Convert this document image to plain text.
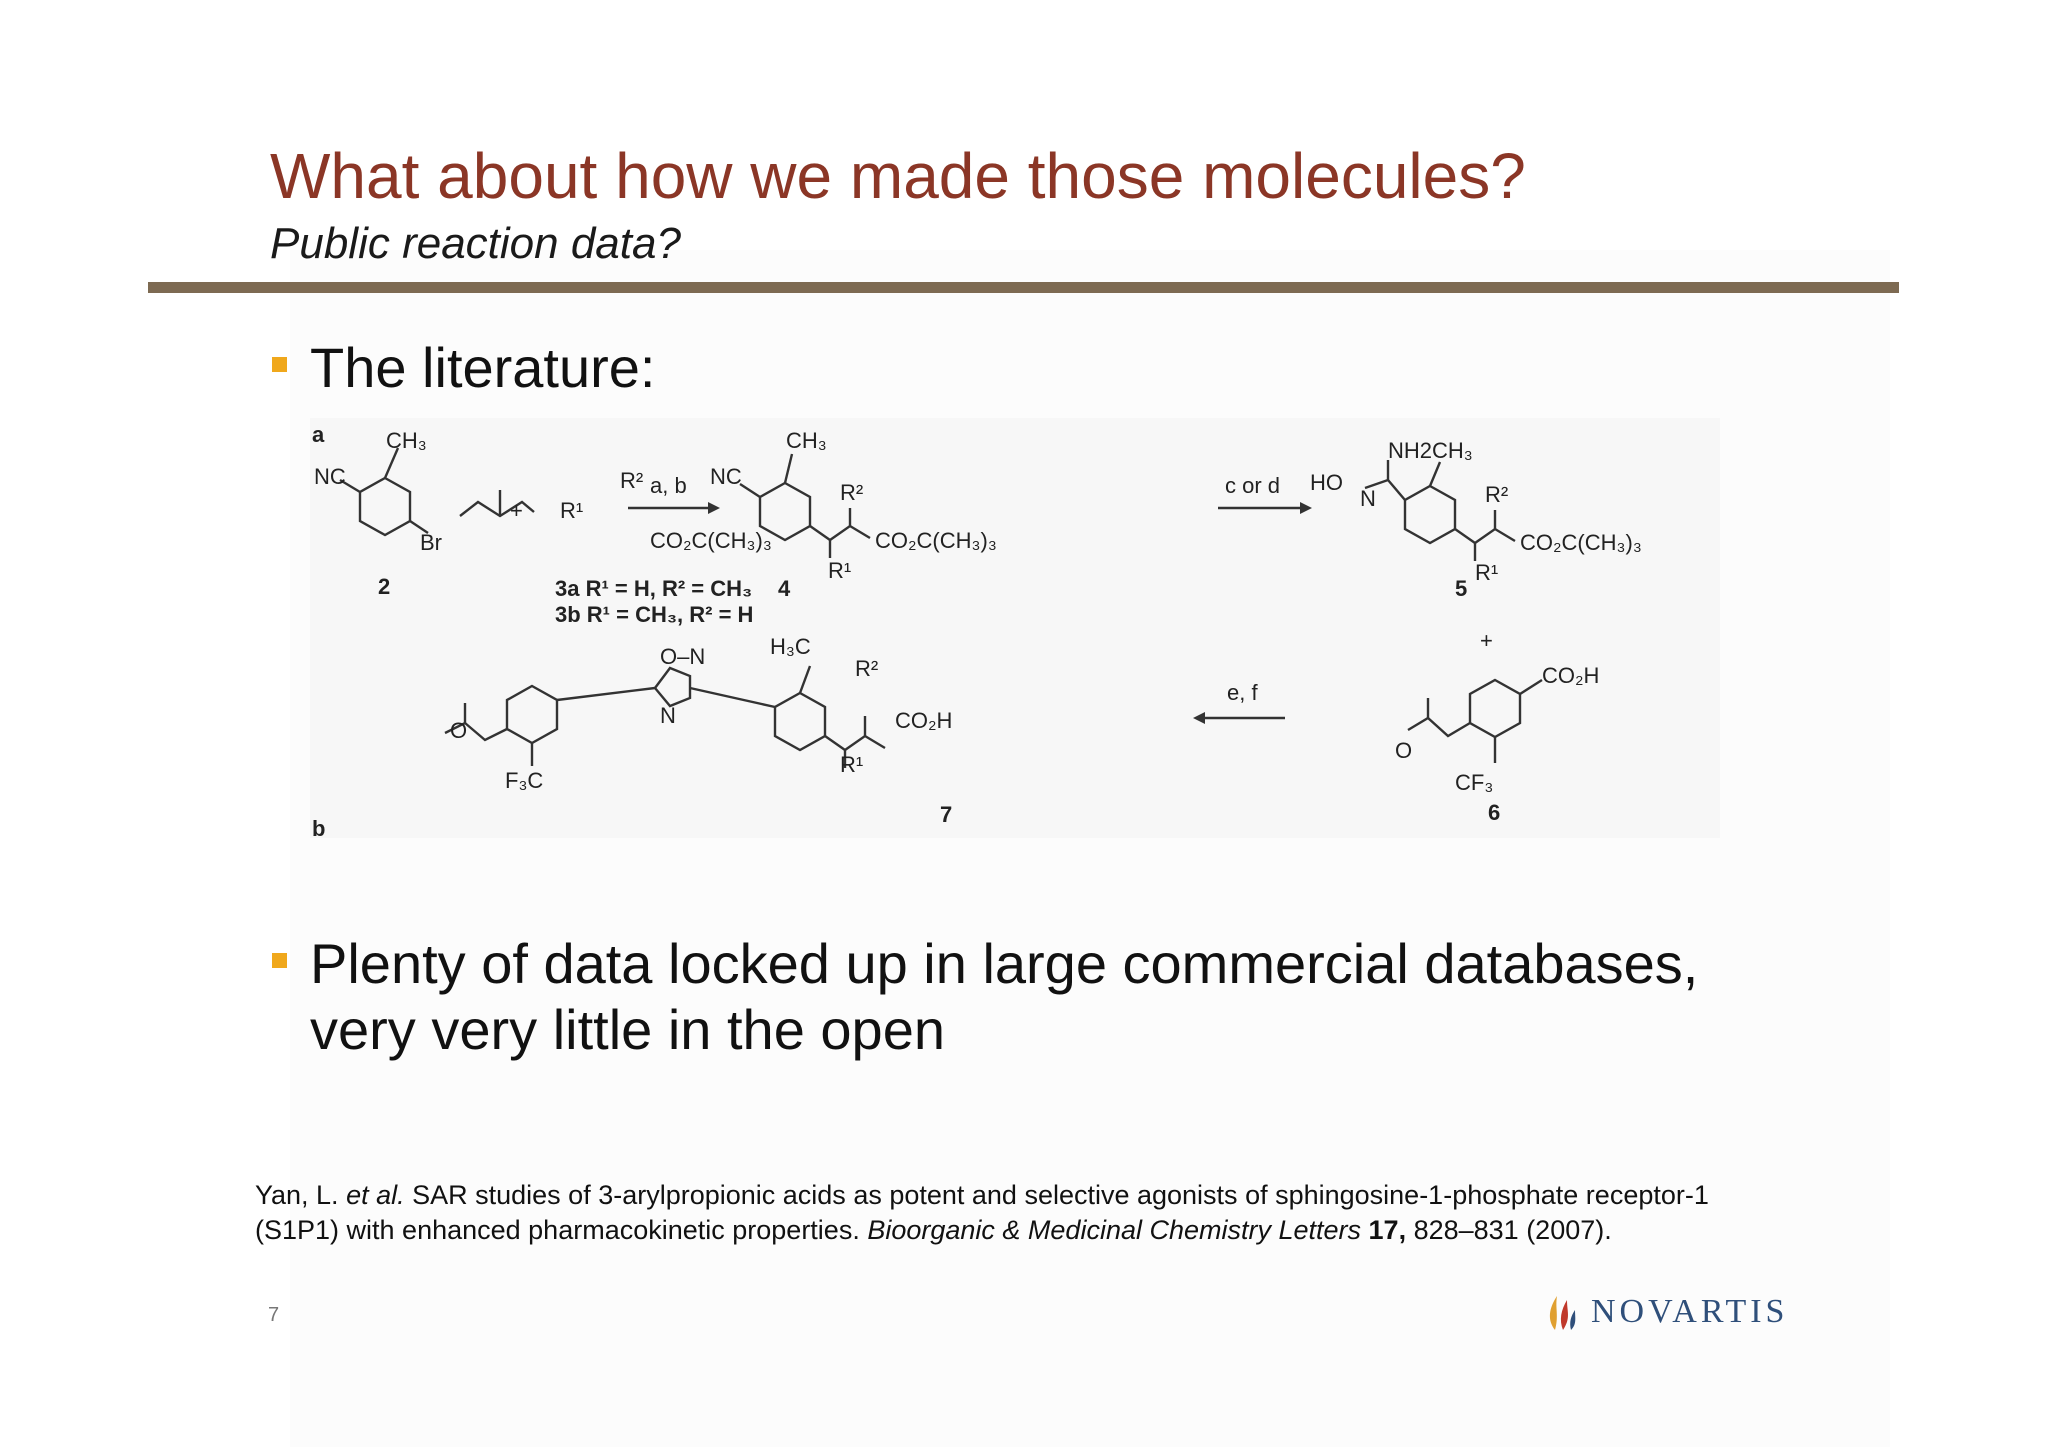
What about how we made those molecules?
Public reaction data?
The literature:
a
b
CH₃
NC
Br
2
+ R¹
R²
CO₂C(CH₃)₃
3a R¹ = H, R² = CH₃
3b R¹ = CH₃, R² = H
a, b
CH₃
NC
R¹
R²
CO₂C(CH₃)₃
4
c or d HO
N
NH2 CH₃
R¹
R²
CO₂C(CH₃)₃
5
+
CO₂H
O
CF₃
6
e, f
O–N
N
H₃C
R²
R¹
CO₂H
O
F₃C
7
Plenty of data locked up in large commercial databases,
very very little in the open
Yan, L. et al. SAR studies of 3-arylpropionic acids as potent and selective agonists of sphingosine-1-phosphate receptor-1 (S1P1) with enhanced pharmacokinetic properties. Bioorganic & Medicinal Chemistry Letters 17, 828–831 (2007).
7	NOVARTIS
